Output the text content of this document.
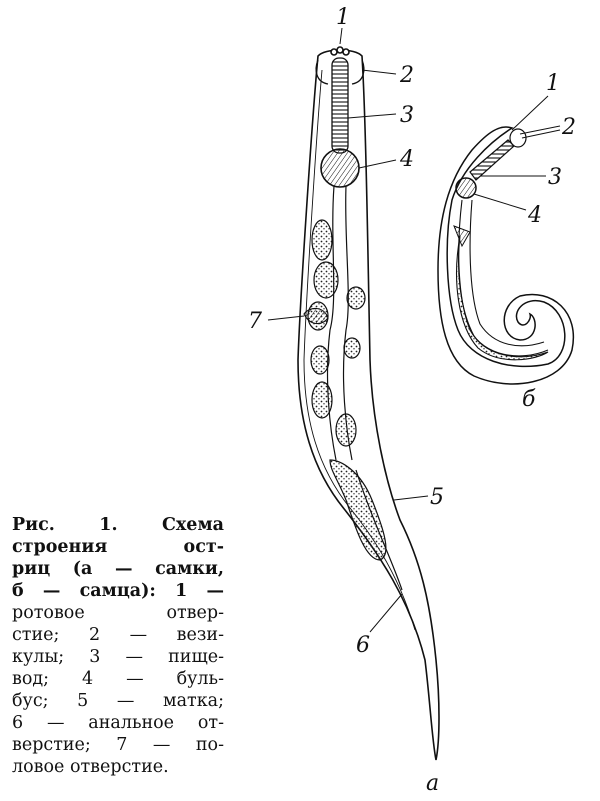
1
2
3
4
5
6
7
а
1
2
3
4
б
Рис. 1. Схема
строения ост-
риц (а — самки,
б — самца): 1 —
ротовое отвер-
стие; 2 — вези-
кулы; 3 — пище-
вод; 4 — буль-
бус; 5 — матка;
6 — анальное от-
верстие; 7 — по-
ловое отверстие.
